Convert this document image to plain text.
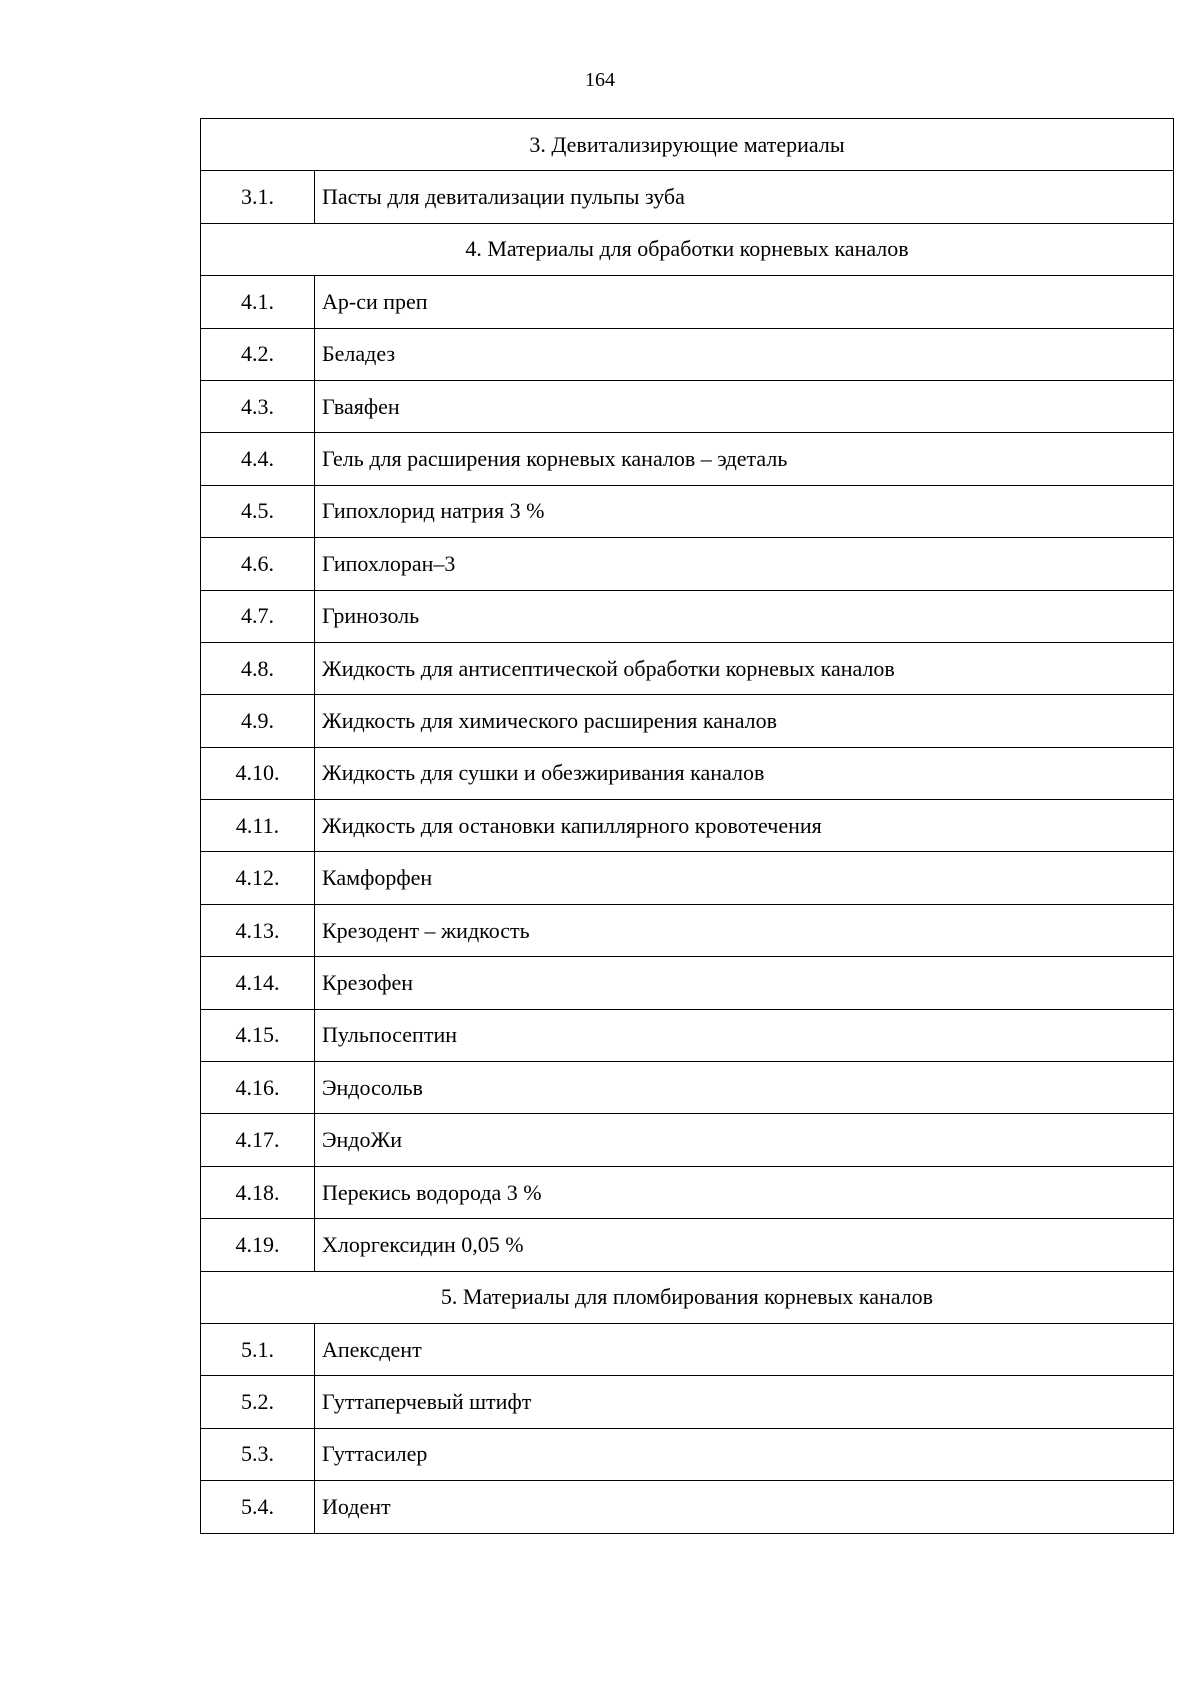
164
3. Девитализирующие материалы	
3.1.	Пасты для девитализации пульпы зуба
4. Материалы для обработки корневых каналов	
4.1.	Ар-си преп
4.2.	Беладез
4.3.	Гваяфен
4.4.	Гель для расширения корневых каналов – эдеталь
4.5.	Гипохлорид натрия 3 %
4.6.	Гипохлоран–3
4.7.	Гринозоль
4.8.	Жидкость для антисептической обработки корневых каналов
4.9.	Жидкость для химического расширения каналов
4.10.	Жидкость для сушки и обезжиривания каналов
4.11.	Жидкость для остановки капиллярного кровотечения
4.12.	Камфорфен
4.13.	Крезодент – жидкость
4.14.	Крезофен
4.15.	Пульпосептин
4.16.	Эндосольв
4.17.	ЭндоЖи
4.18.	Перекись водорода 3 %
4.19.	Хлоргексидин 0,05 %
5. Материалы для пломбирования корневых каналов	
5.1.	Апексдент
5.2.	Гуттаперчевый штифт
5.3.	Гуттасилер
5.4.	Иодент
